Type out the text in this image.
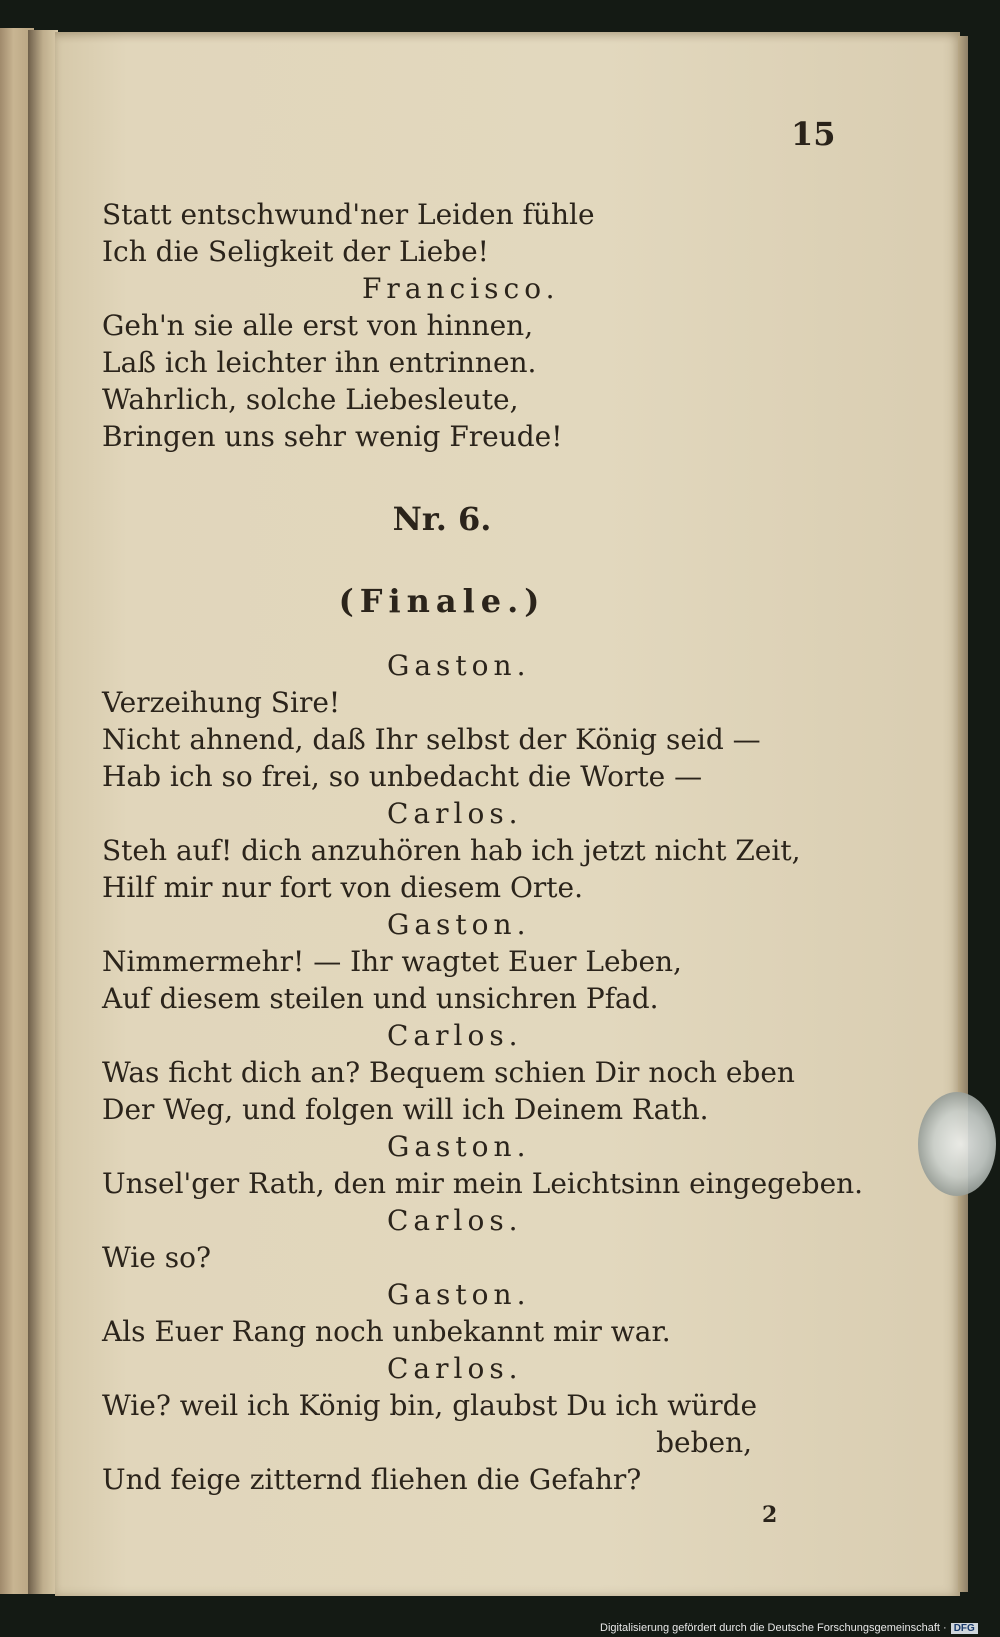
15
Statt entschwund'ner Leiden fühle
Ich die Seligkeit der Liebe!
Francisco.
Geh'n sie alle erst von hinnen,
Laß ich leichter ihn entrinnen.
Wahrlich, solche Liebesleute,
Bringen uns sehr wenig Freude!
Nr. 6.
(Finale.)
Gaston.
Verzeihung Sire!
Nicht ahnend, daß Ihr selbst der König seid —
Hab ich so frei, so unbedacht die Worte —
Carlos.
Steh auf! dich anzuhören hab ich jetzt nicht Zeit,
Hilf mir nur fort von diesem Orte.
Gaston.
Nimmermehr! — Ihr wagtet Euer Leben,
Auf diesem steilen und unsichren Pfad.
Carlos.
Was ficht dich an? Bequem schien Dir noch eben
Der Weg, und folgen will ich Deinem Rath.
Gaston.
Unsel'ger Rath, den mir mein Leichtsinn eingegeben.
Carlos.
Wie so?
Gaston.
Als Euer Rang noch unbekannt mir war.
Carlos.
Wie? weil ich König bin, glaubst Du ich würde
beben,
Und feige zitternd fliehen die Gefahr?
2
Digitalisierung gefördert durch die Deutsche Forschungsgemeinschaft · DFG
